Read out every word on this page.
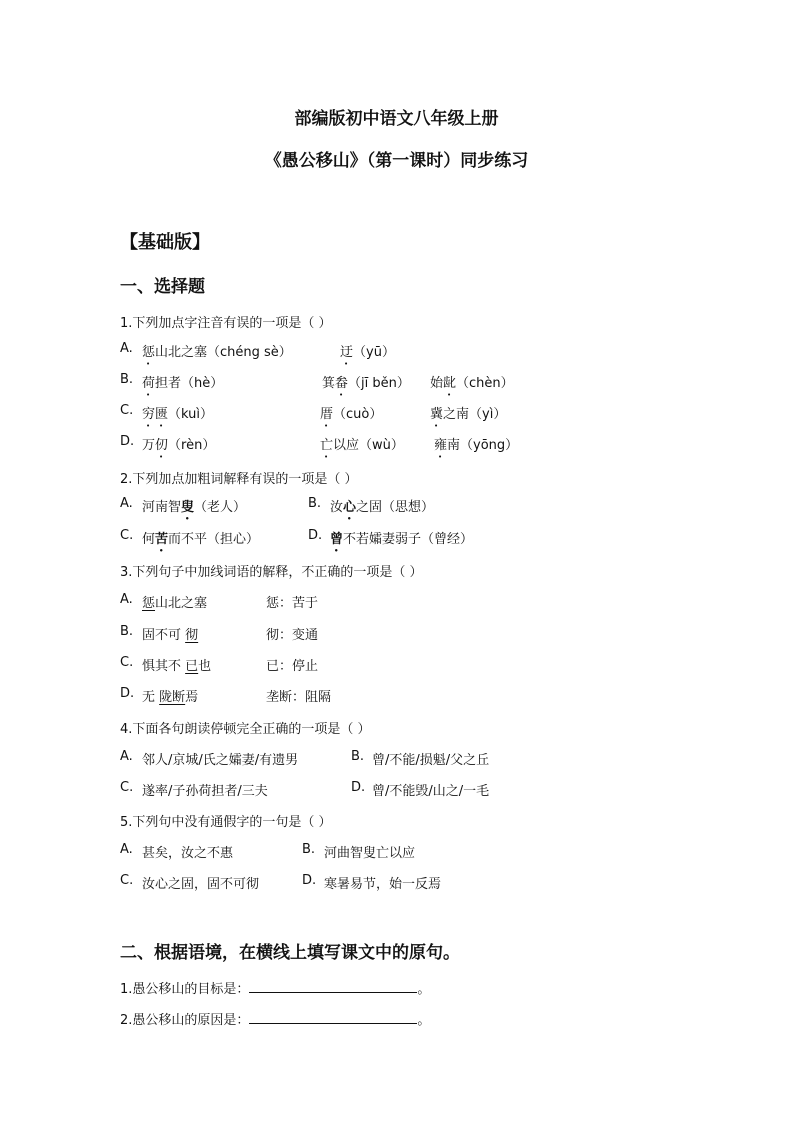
部编版初中语文八年级上册
《愚公移山》（第一课时）同步练习
【基础版】
一、选择题
1.下列加点字注音有误的一项是（ ）
A. 惩山北之塞（chéng sè）	迂（yū）
B. 荷担者（hè）	箕畚（jī běn） 始龀（chèn）
C. 穷匮（kuì）	厝（cuò）	冀之南（yì）
D. 万仞（rèn）	亡以应（wù） 雍南（yōng）
2.下列加点加粗词解释有误的一项是（ ）
A. 河南智叟（老人）	B. 汝心之固（思想）
C. 何苦而不平（担心）	D. 曾不若孀妻弱子（曾经）
3.下列句子中加线词语的解释，不正确的一项是（ ）
A. 惩山北之塞	惩：苦于
B. 固不可 彻	彻：变通
C. 惧其不 已也	已：停止
D. 无 陇断焉	垄断：阻隔
4.下面各句朗读停顿完全正确的一项是（ ）
A. 邻人/京城/氏之孀妻/有遗男	B. 曾/不能/损魁/父之丘
C. 遂率/子孙荷担者/三夫	D. 曾/不能毁/山之/一毛
5.下列句中没有通假字的一句是（ ）
A. 甚矣，汝之不惠	B. 河曲智叟亡以应
C. 汝心之固，固不可彻	D. 寒暑易节，始一反焉
二、根据语境，在横线上填写课文中的原句。
1.愚公移山的目标是：	。
2.愚公移山的原因是：	。
